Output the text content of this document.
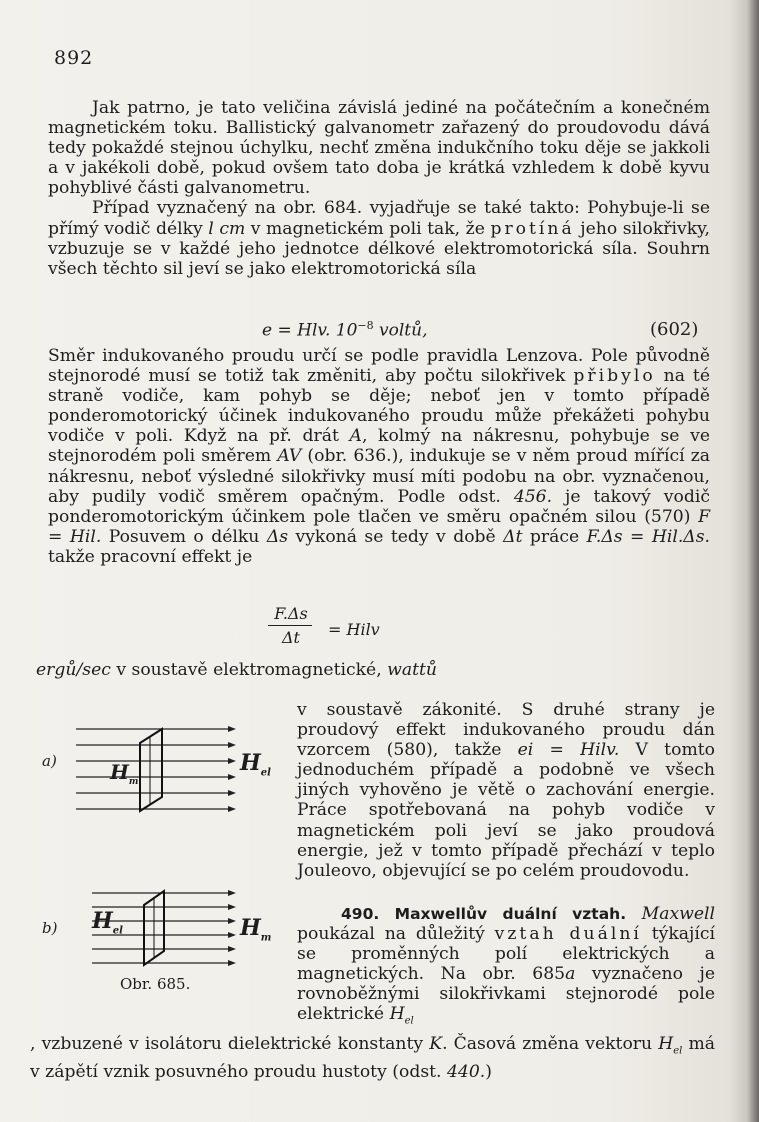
892

Jak patrno, je tato veličina závislá jediné na počátečním a konečném magnetickém toku. Ballistický galvanometr zařazený do proudovodu dává tedy pokaždé stejnou úchylku, nechť změna indukčního toku děje se jakkoli a v jakékoli době, pokud ovšem tato doba je krátká vzhledem k době kyvu pohyblivé části galvanometru.

Případ vyznačený na obr. 684. vyjadřuje se také takto: Pohybuje-li se přímý vodič délky l cm v magnetickém poli tak, že protíná jeho silokřivky, vzbuzuje se v každé jeho jednotce délkové elektromotorická síla. Souhrn všech těchto sil jeví se jako elektromotorická síla

e = Hlv. $10^{-8}$ voltů,	(602)

Směr indukovaného proudu určí se podle pravidla Lenzova. Pole původně stejnorodé musí se totiž tak změniti, aby počtu silokřivek přibylo na té straně vodiče, kam pohyb se děje; neboť jen v tomto případě ponderomotorický účinek indukovaného proudu může překážeti pohybu vodiče v poli. Když na př. drát A, kolmý na nákresnu, pohybuje se ve stejnorodém poli směrem AV (obr. 636.), indukuje se v něm proud mířící za nákresnu, neboť výsledné silokřivky musí míti podobu na obr. vyznačenou, aby pudily vodič směrem opačným. Podle odst. 456. je takový vodič ponderomotorickým účinkem pole tlačen ve směru opačném silou (570) F = Hil. Posuvem o délku Δs vykoná se tedy v době Δt práce F.Δs = Hil.Δs. takže pracovní effekt je

F.Δs
Δt	= Hilv

ergů/sec v soustavě elektromagnetické, wattů

v soustavě zákonité. S druhé strany je proudový effekt indukovaného proudu dán vzorcem (580), takže ei = Hilv. V tomto jednoduchém případě a podobně ve všech jiných vyhověno je větě o zachování energie. Práce spotřebovaná na pohyb vodiče v magnetickém poli jeví se jako proudová energie, jež v tomto případě přechází v teplo Jouleovo, objevující se po celém proudovodu.

490. Maxwellův duální vztah. Maxwell poukázal na důležitý vztah duální týkající se proměnných polí elektrických a magnetických. Na obr. 685a vyznačeno je rovnoběžnými silokřivkami stejnorodé pole elektrické $H_{el}$

, vzbuzené v isolátoru dielektrické konstanty K. Časová změna vektoru $H_{el}$ má v zápětí vznik posuvného proudu hustoty (odst. 440.)

a)	$H_m$
$H_{el}$
b) $H_{el}$	$H_m$
Obr. 685.
